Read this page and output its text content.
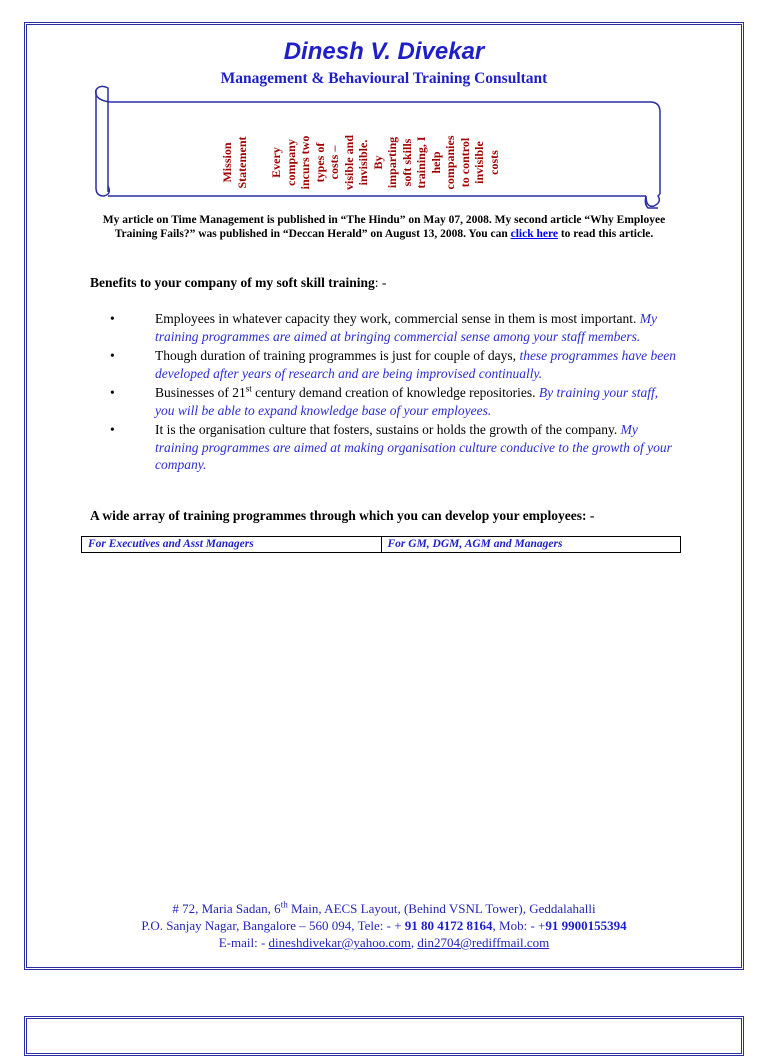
Dinesh V. Divekar
Management & Behavioural Training Consultant
Mission Statement Every company incurs two types of costs – visible and invisible. By imparting soft skills training, I help companies to control invisible costs
My article on Time Management is published in “The Hindu” on May 07, 2008. My second article “Why Employee Training Fails?” was published in “Deccan Herald” on August 13, 2008. You can click here to read this article.
Benefits to your company of my soft skill training: -
•	Employees in whatever capacity they work, commercial sense in them is most important. My training programmes are aimed at bringing commercial sense among your staff members.
•	Though duration of training programmes is just for couple of days, these programmes have been developed after years of research and are being improvised continually.
•	Businesses of 21st century demand creation of knowledge repositories. By training your staff, you will be able to expand knowledge base of your employees.
•	It is the organisation culture that fosters, sustains or holds the growth of the company. My training programmes are aimed at making organisation culture conducive to the growth of your company.
A wide array of training programmes through which you can develop your employees: -
For Executives and Asst Managers	For GM, DGM, AGM and Managers
# 72, Maria Sadan, 6th Main, AECS Layout, (Behind VSNL Tower), Geddalahalli
P.O. Sanjay Nagar, Bangalore – 560 094, Tele: - + 91 80 4172 8164, Mob: - +91 9900155394
E-mail: - dineshdivekar@yahoo.com, din2704@rediffmail.com
